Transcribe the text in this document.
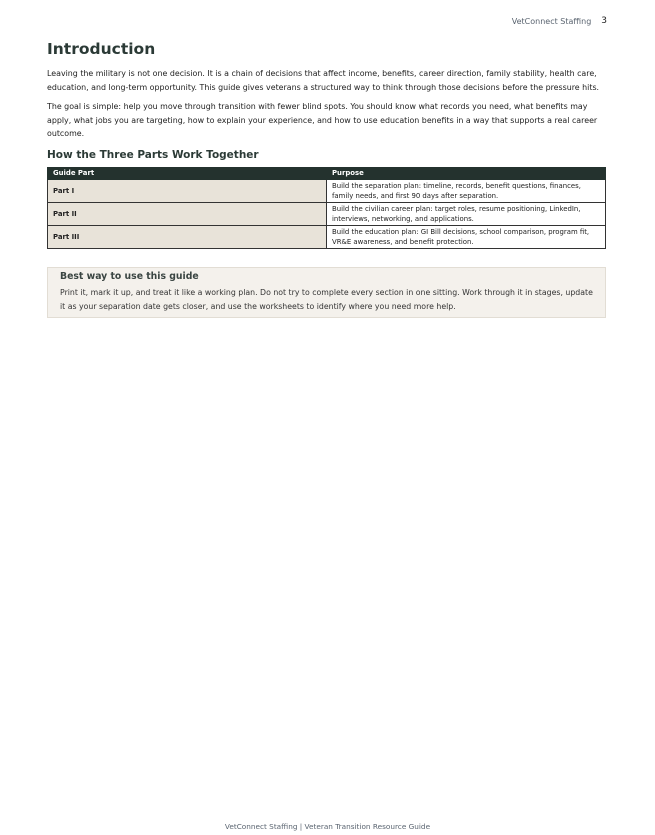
VetConnect Staffing 3
Introduction

Leaving the military is not one decision. It is a chain of decisions that affect income, benefits, career direction, family stability, health care, education, and long-term opportunity. This guide gives veterans a structured way to think through those decisions before the pressure hits.

The goal is simple: help you move through transition with fewer blind spots. You should know what records you need, what benefits may apply, what jobs you are targeting, how to explain your experience, and how to use education benefits in a way that supports a real career outcome.

How the Three Parts Work Together
Guide Part	Purpose
Part I	Build the separation plan: timeline, records, benefit questions, finances, family needs, and first 90 days after separation.
Part II	Build the civilian career plan: target roles, resume positioning, LinkedIn, interviews, networking, and applications.
Part III	Build the education plan: GI Bill decisions, school comparison, program fit, VR&E awareness, and benefit protection.

Best way to use this guide

Print it, mark it up, and treat it like a working plan. Do not try to complete every section in one sitting. Work through it in stages, update it as your separation date gets closer, and use the worksheets to identify where you need more help.

VetConnect Staffing | Veteran Transition Resource Guide
